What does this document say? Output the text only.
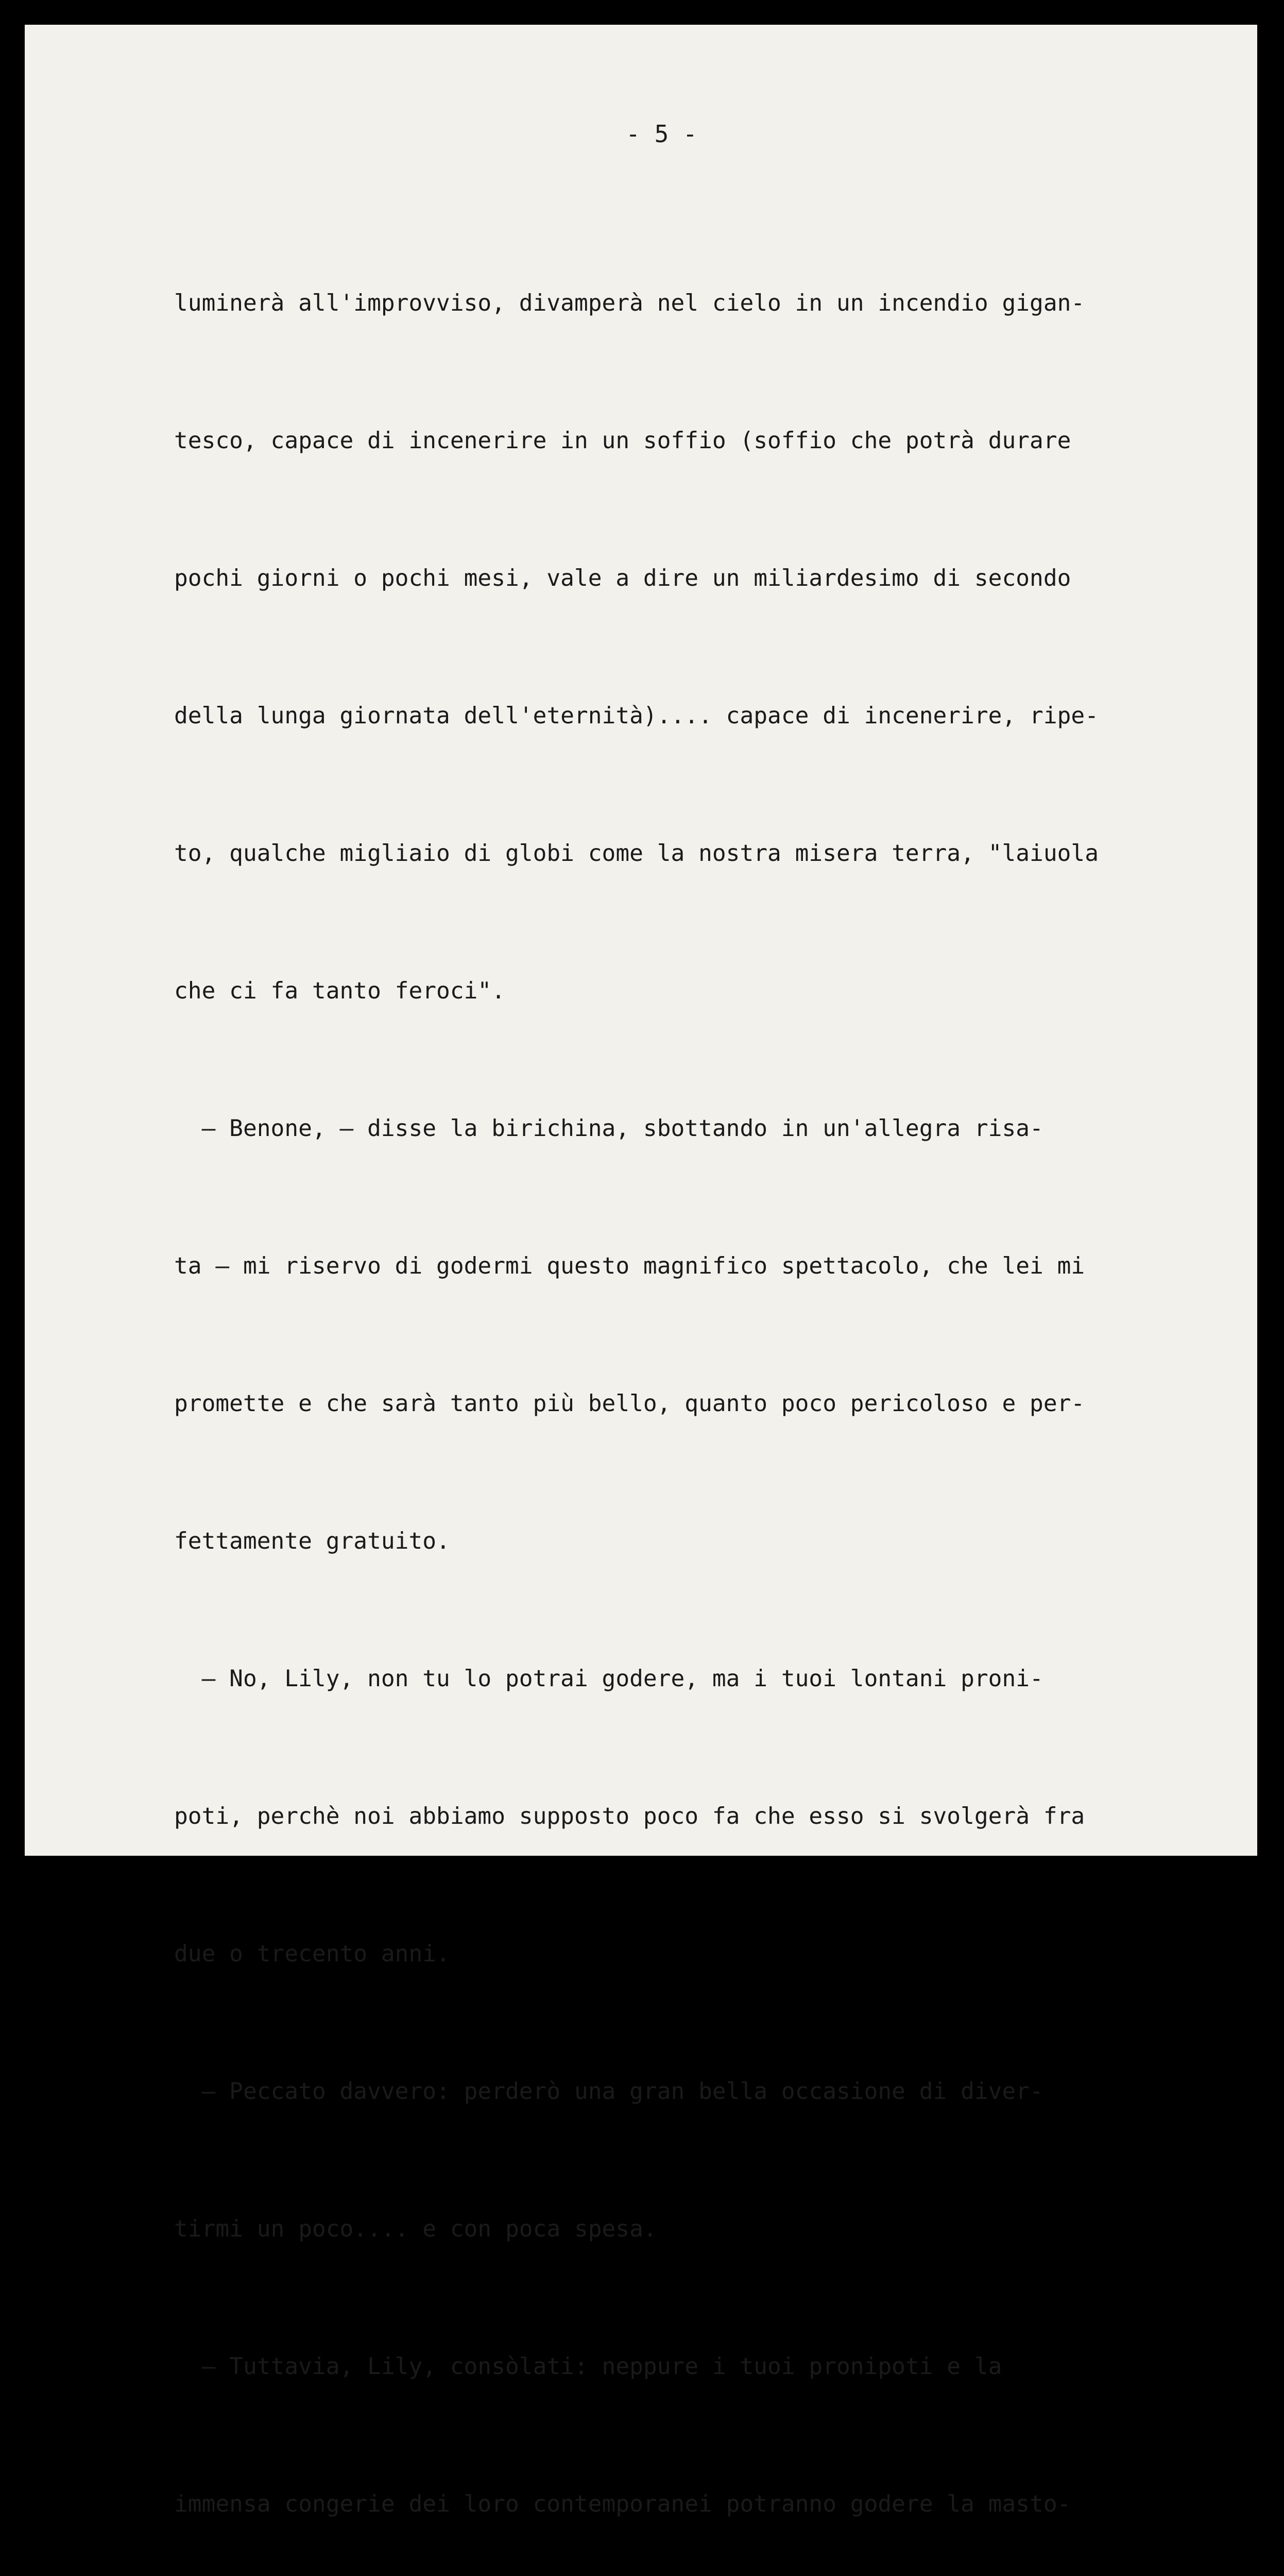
- 5 -

luminerà all'improvviso, divamperà nel cielo in un incendio gigan-

tesco, capace di incenerire in un soffio (soffio che potrà durare

pochi giorni o pochi mesi, vale a dire un miliardesimo di secondo

della lunga giornata dell'eternità).... capace di incenerire, ripe-

to, qualche migliaio di globi come la nostra misera terra, "laiuola

che ci fa tanto feroci".

— Benone, — disse la birichina, sbottando in un'allegra risa-

ta — mi riservo di godermi questo magnifico spettacolo, che lei mi

promette e che sarà tanto più bello, quanto poco pericoloso e per-

fettamente gratuito.

— No, Lily, non tu lo potrai godere, ma i tuoi lontani proni-

poti, perchè noi abbiamo supposto poco fa che esso si svolgerà fra

due o trecento anni.

— Peccato davvero: perderò una gran bella occasione di diver-

tirmi un poco.... e con poca spesa.

— Tuttavia, Lily, consòlati: neppure i tuoi pronipoti e la

immensa congerie dei loro contemporanei potranno godere la masto-
